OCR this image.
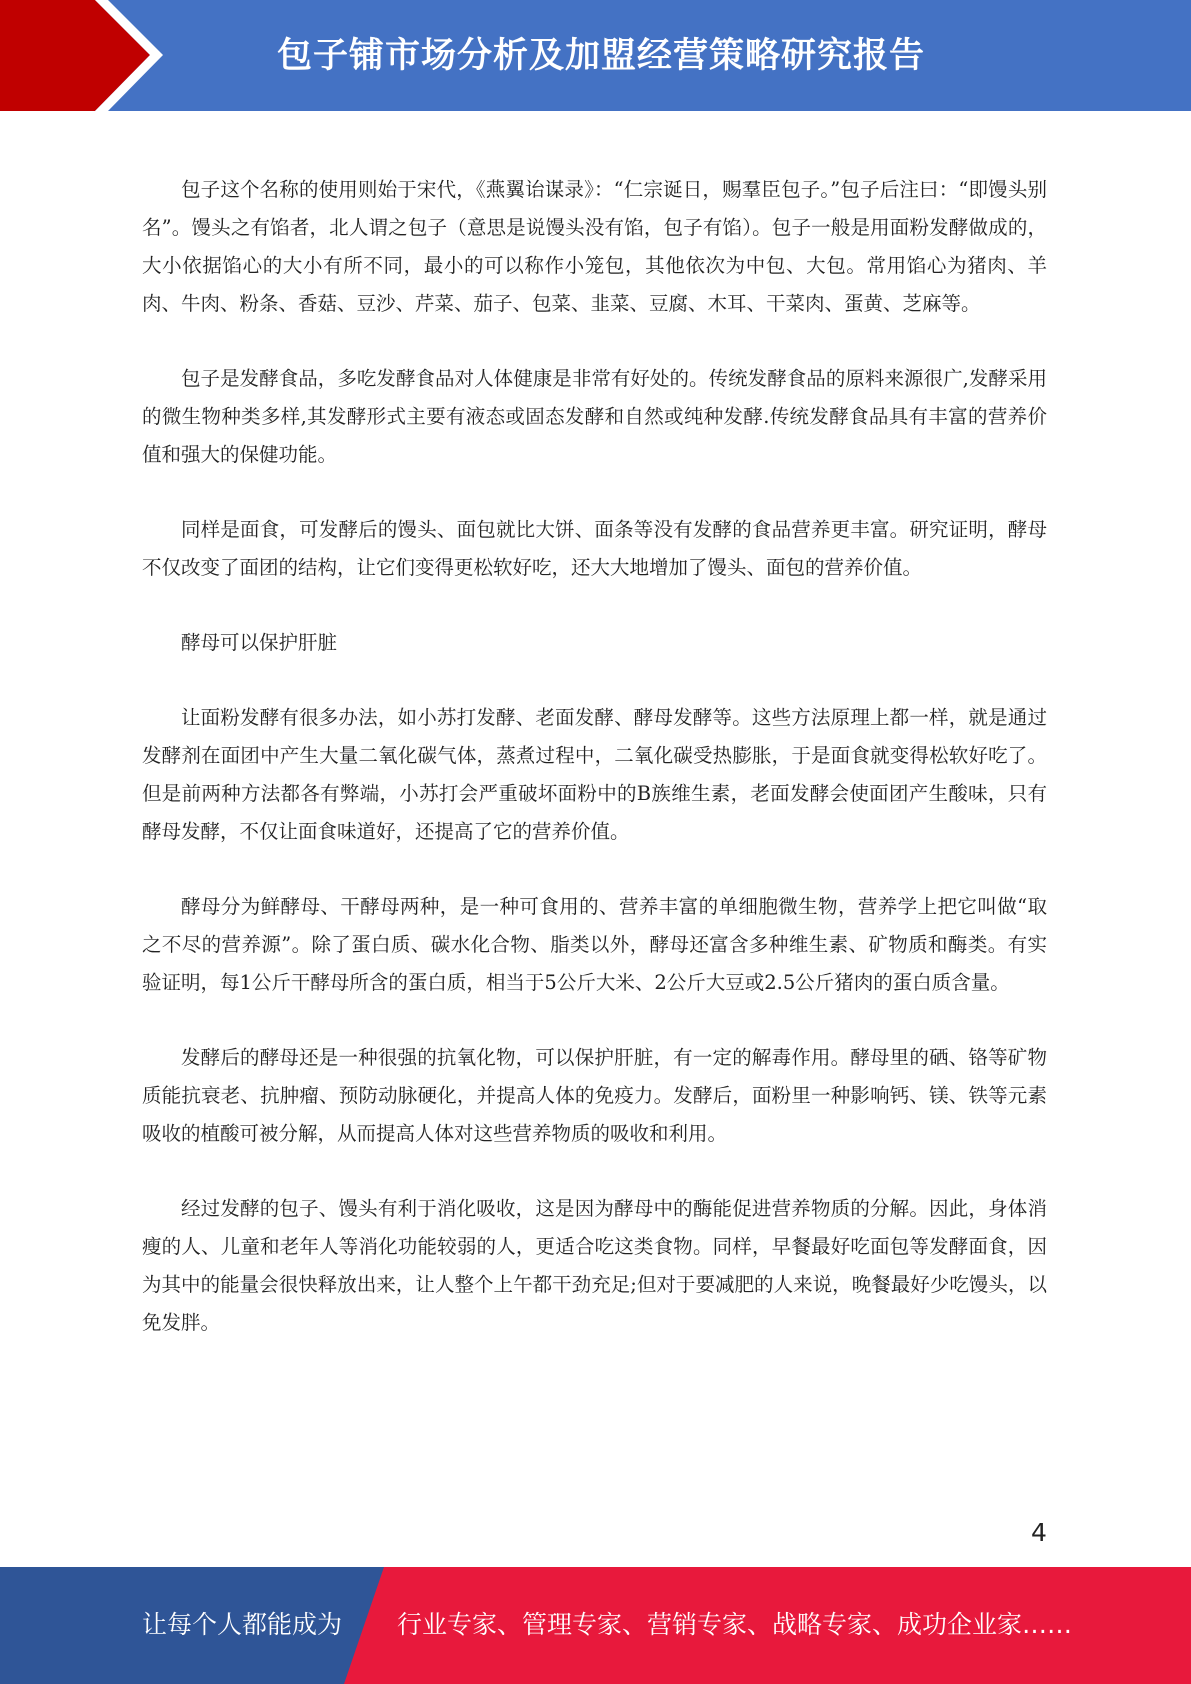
包子铺市场分析及加盟经营策略研究报告

包子这个名称的使用则始于宋代，《燕翼诒谋录》：“仁宗诞日，赐羣臣包子。”包子后注曰：“即馒头别名”。馒头之有馅者，北人谓之包子（意思是说馒头没有馅，包子有馅）。包子一般是用面粉发酵做成的，大小依据馅心的大小有所不同，最小的可以称作小笼包，其他依次为中包、大包。常用馅心为猪肉、羊肉、牛肉、粉条、香菇、豆沙、芹菜、茄子、包菜、韭菜、豆腐、木耳、干菜肉、蛋黄、芝麻等。

包子是发酵食品，多吃发酵食品对人体健康是非常有好处的。传统发酵食品的原料来源很广,发酵采用的微生物种类多样,其发酵形式主要有液态或固态发酵和自然或纯种发酵.传统发酵食品具有丰富的营养价值和强大的保健功能。

同样是面食，可发酵后的馒头、面包就比大饼、面条等没有发酵的食品营养更丰富。研究证明，酵母不仅改变了面团的结构，让它们变得更松软好吃，还大大地增加了馒头、面包的营养价值。

酵母可以保护肝脏

让面粉发酵有很多办法，如小苏打发酵、老面发酵、酵母发酵等。这些方法原理上都一样，就是通过发酵剂在面团中产生大量二氧化碳气体，蒸煮过程中，二氧化碳受热膨胀，于是面食就变得松软好吃了。但是前两种方法都各有弊端，小苏打会严重破坏面粉中的B族维生素，老面发酵会使面团产生酸味，只有酵母发酵，不仅让面食味道好，还提高了它的营养价值。

酵母分为鲜酵母、干酵母两种，是一种可食用的、营养丰富的单细胞微生物，营养学上把它叫做“取之不尽的营养源”。除了蛋白质、碳水化合物、脂类以外，酵母还富含多种维生素、矿物质和酶类。有实验证明，每1公斤干酵母所含的蛋白质，相当于5公斤大米、2公斤大豆或2.5公斤猪肉的蛋白质含量。

发酵后的酵母还是一种很强的抗氧化物，可以保护肝脏，有一定的解毒作用。酵母里的硒、铬等矿物质能抗衰老、抗肿瘤、预防动脉硬化，并提高人体的免疫力。发酵后，面粉里一种影响钙、镁、铁等元素吸收的植酸可被分解，从而提高人体对这些营养物质的吸收和利用。

经过发酵的包子、馒头有利于消化吸收，这是因为酵母中的酶能促进营养物质的分解。因此，身体消瘦的人、儿童和老年人等消化功能较弱的人，更适合吃这类食物。同样，早餐最好吃面包等发酵面食，因为其中的能量会很快释放出来，让人整个上午都干劲充足;但对于要减肥的人来说，晚餐最好少吃馒头，以免发胖。

4
让每个人都能成为 行业专家、管理专家、营销专家、战略专家、成功企业家……
